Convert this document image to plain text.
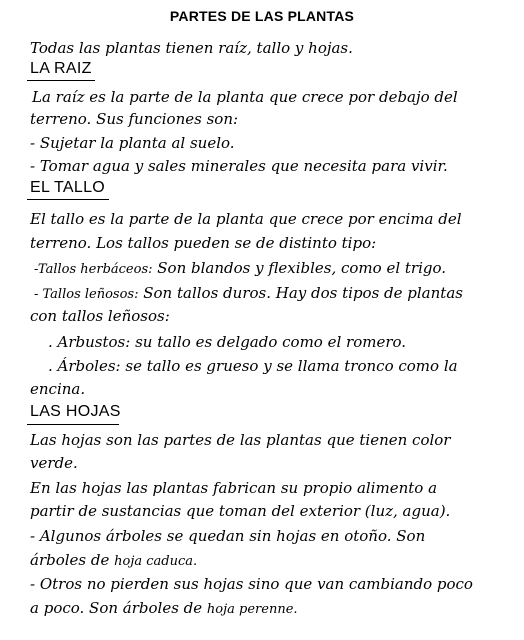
PARTES DE LAS PLANTAS
Todas las plantas tienen raíz, tallo y hojas.
LA RAIZ
La raíz es la parte de la planta que crece por debajo del
terreno. Sus funciones son:
- Sujetar la planta al suelo.
- Tomar agua y sales minerales que necesita para vivir.
EL TALLO
El tallo es la parte de la planta que crece por encima del
terreno. Los tallos pueden se de distinto tipo:
-Tallos herbáceos: Son blandos y flexibles, como el trigo.
- Tallos leñosos: Son tallos duros. Hay dos tipos de plantas
con tallos leñosos:
. Arbustos: su tallo es delgado como el romero.
. Árboles: se tallo es grueso y se llama tronco como la
encina.
LAS HOJAS
Las hojas son las partes de las plantas que tienen color
verde.
En las hojas las plantas fabrican su propio alimento a
partir de sustancias que toman del exterior (luz, agua).
- Algunos árboles se quedan sin hojas en otoño. Son
árboles de hoja caduca.
- Otros no pierden sus hojas sino que van cambiando poco
a poco. Son árboles de hoja perenne.
